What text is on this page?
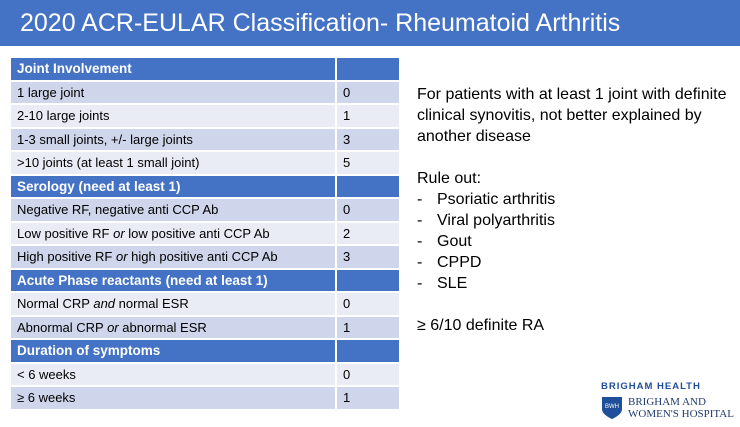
2020 ACR-EULAR Classification- Rheumatoid Arthritis
Joint Involvement	
1 large joint	0
2-10 large joints	1
1-3 small joints, +/- large joints	3
>10 joints (at least 1 small joint)	5
Serology (need at least 1)	
Negative RF, negative anti CCP Ab	0
Low positive RF or low positive anti CCP Ab	2
High positive RF or high positive anti CCP Ab	3
Acute Phase reactants (need at least 1)	
Normal CRP and normal ESR	0
Abnormal CRP or abnormal ESR	1
Duration of symptoms	
< 6 weeks	0
≥ 6 weeks	1

For patients with at least 1 joint with definite clinical synovitis, not better explained by another disease

Rule out:

- Psoriatic arthritis
- Viral polyarthritis
- Gout
- CPPD
- SLE

≥ 6/10 definite RA

BRIGHAM HEALTH
BWH BRIGHAM AND
WOMEN'S HOSPITAL
